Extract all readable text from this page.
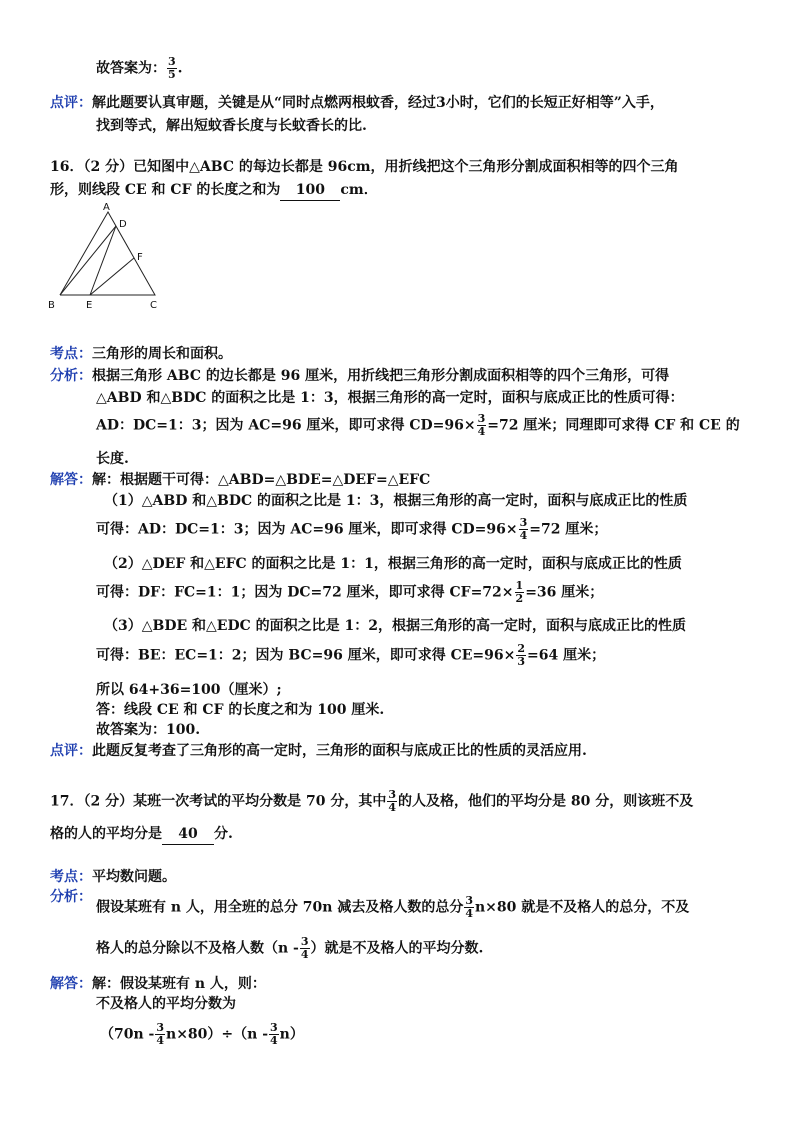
故答案为： $\frac{3}{5}$ .
点评：解此题要认真审题，关键是从“同时点燃两根蚊香，经过3小时，它们的长短正好相等”入手，
找到等式，解出短蚊香长度与长蚊香长的比.
16．（2 分）已知图中△ABC 的每边长都是 96cm，用折线把这个三角形分割成面积相等的四个三角
形，则线段 CE 和 CF 的长度之和为 100 cm．
A
D
F
B	E	C
考点：三角形的周长和面积。
分析：根据三角形 ABC 的边长都是 96 厘米，用折线把三角形分割成面积相等的四个三角形，可得
△ABD 和△BDC 的面积之比是 1：3，根据三角形的高一定时，面积与底成正比的性质可得：
AD：DC=1：3；因为 AC=96 厘米，即可求得 $CD=96\times \frac{3}{4} =72$ 厘米；同理即可求得 CF 和 CE 的
长度.
解答：解：根据题干可得：△ABD=△BDE=△DEF=△EFC
（1）△ABD 和△BDC 的面积之比是 1：3，根据三角形的高一定时，面积与底成正比的性质
可得：AD：DC=1：3；因为 AC=96 厘米，即可求得 $CD=96\times \frac{3}{4} =72$ 厘米；
（2）△DEF 和△EFC 的面积之比是 1：1，根据三角形的高一定时，面积与底成正比的性质
可得：DF：FC=1：1；因为 DC=72 厘米，即可求得 $CF=72\times \frac{1}{2} =36$ 厘米；
（3）△BDE 和△EDC 的面积之比是 1：2，根据三角形的高一定时，面积与底成正比的性质
可得：BE：EC=1：2；因为 BC=96 厘米，即可求得 $CE=96\times \frac{2}{3} =64$ 厘米；
所以 64+36=100（厘米）;
答：线段 CE 和 CF 的长度之和为 100 厘米.
故答案为：100.
点评：此题反复考查了三角形的高一定时，三角形的面积与底成正比的性质的灵活应用.
17．（2 分）某班一次考试的平均分数是 70 分，其中 $\frac{3}{4}$ 的人及格，他们的平均分是 80 分，则该班不及
格的人的平均分是 40 分.
考点：平均数问题。
分析：
假设某班有 n 人，用全班的总分 70n 减去及格人数的总分 $\frac{3}{4} n\times 80$ 就是不及格人的总分，不及
格人的总分除以不及格人数（$n - \frac{3}{4}$ ）就是不及格人的平均分数.
解答：解：假设某班有 n 人，则：
不及格人的平均分数为
$(70n - \frac{3}{4} n\times 80)\div(n - \frac{3}{4} n)$
